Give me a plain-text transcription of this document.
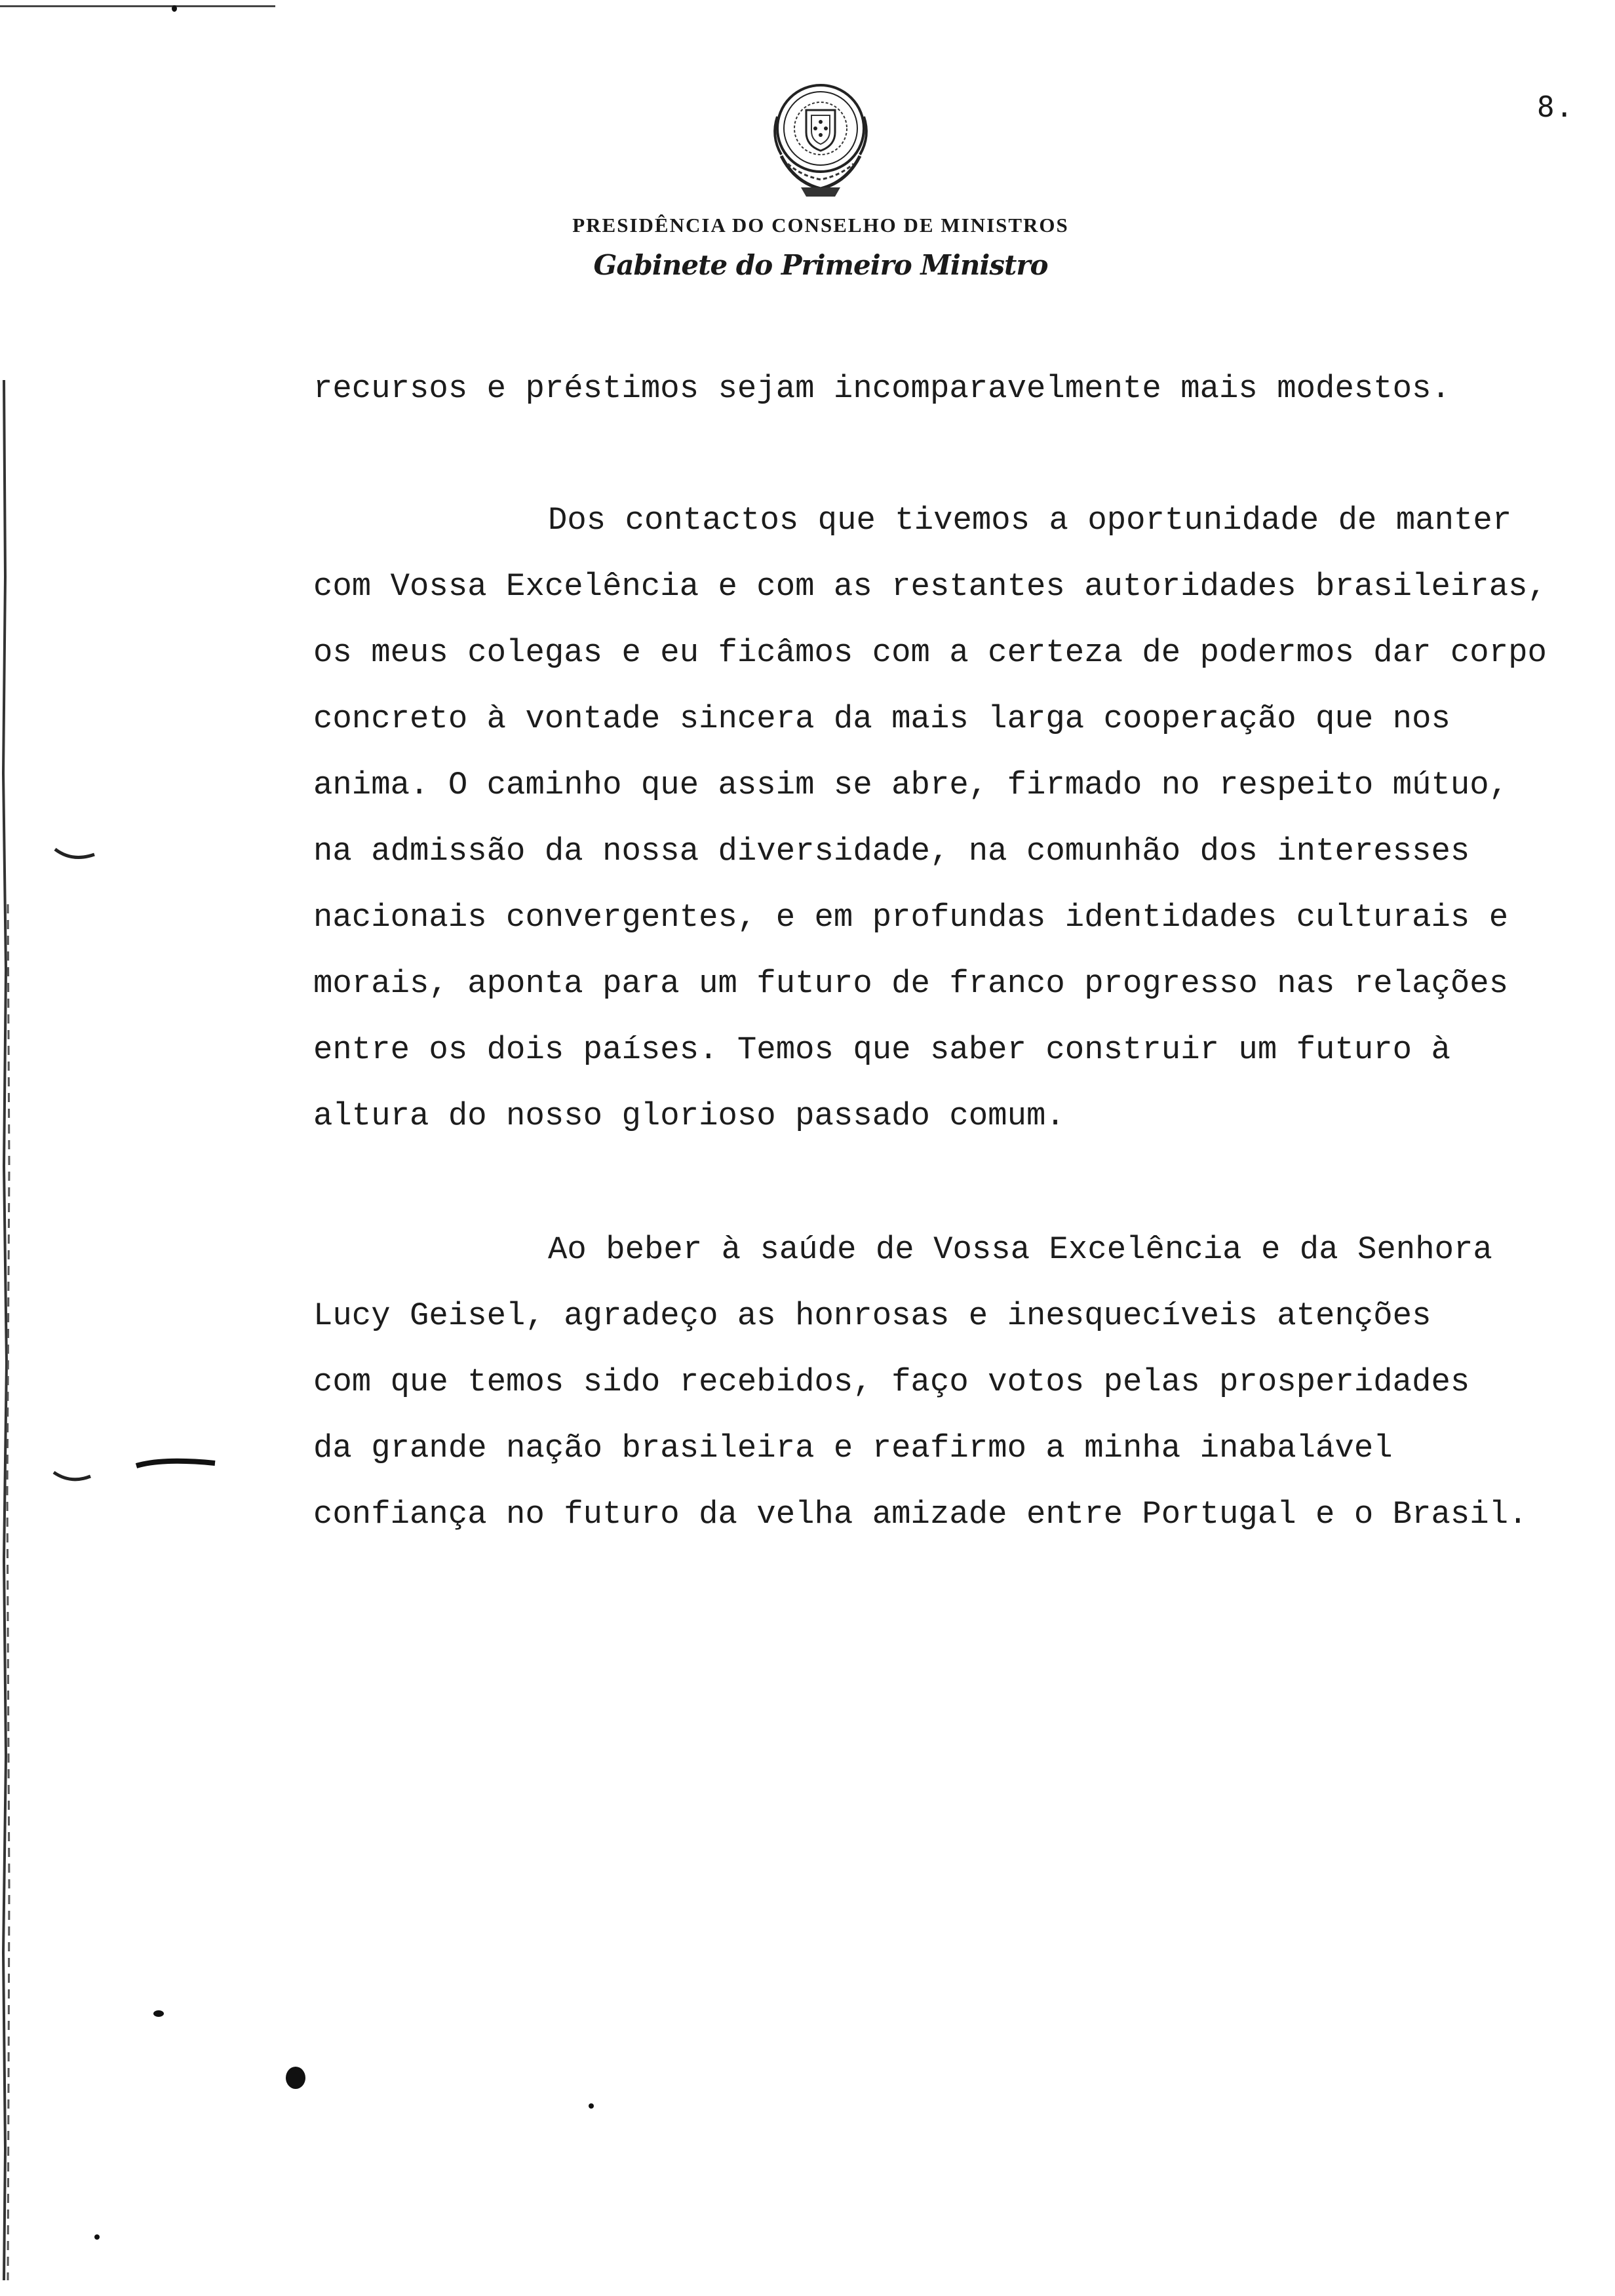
8.
PRESIDÊNCIA DO CONSELHO DE MINISTROS
Gabinete do Primeiro Ministro
recursos e préstimos sejam incomparavelmente mais modestos.
Dos contactos que tivemos a oportunidade de manter
com Vossa Excelência e com as restantes autoridades brasileiras,
os meus colegas e eu ficâmos com a certeza de podermos dar corpo
concreto à vontade sincera da mais larga cooperação que nos
anima. O caminho que assim se abre, firmado no respeito mútuo,
na admissão da nossa diversidade, na comunhão dos interesses
nacionais convergentes, e em profundas identidades culturais e
morais, aponta para um futuro de franco progresso nas relações
entre os dois países. Temos que saber construir um futuro à
altura do nosso glorioso passado comum.
Ao beber à saúde de Vossa Excelência e da Senhora
Lucy Geisel, agradeço as honrosas e inesquecíveis atenções
com que temos sido recebidos, faço votos pelas prosperidades
da grande nação brasileira e reafirmo a minha inabalável
confiança no futuro da velha amizade entre Portugal e o Brasil.
